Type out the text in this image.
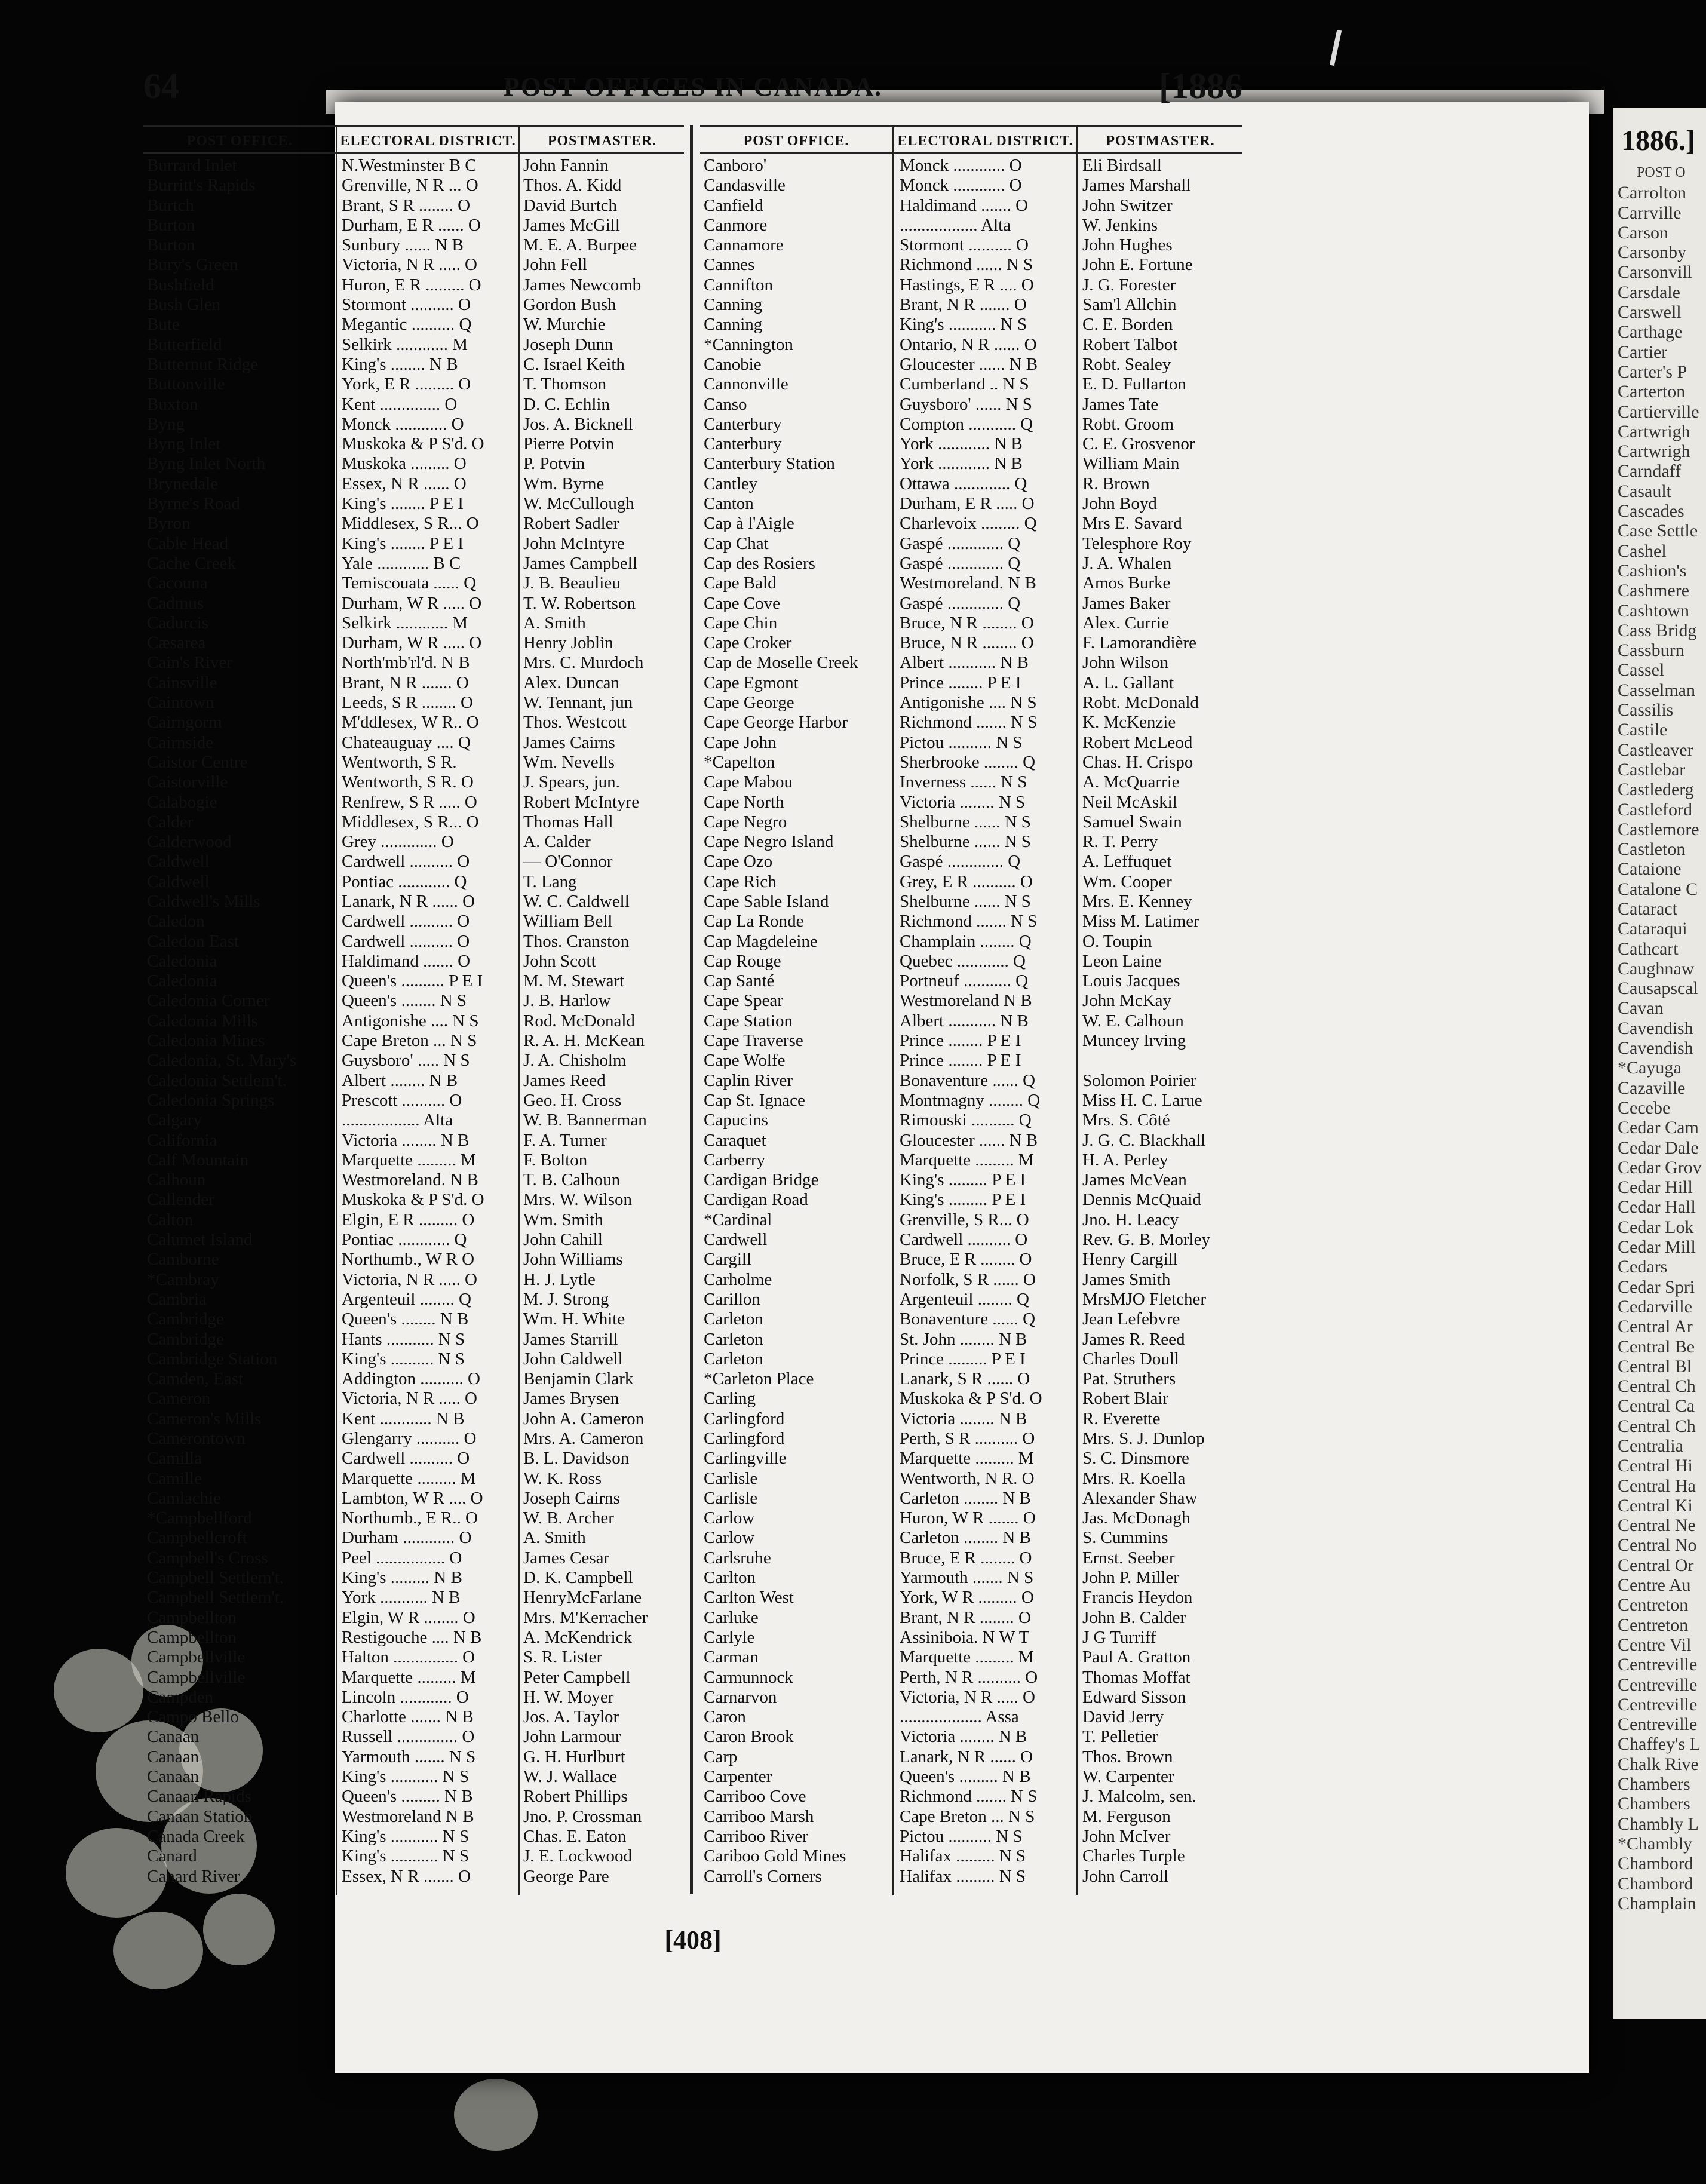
1886.]
POST O
Carrolton
Carrville
Carson
Carsonby
Carsonvill
Carsdale
Carswell
Carthage
Cartier
Carter's P
Carterton
Cartierville
Cartwrigh
Cartwrigh
Carndaff
Casault
Cascades
Case Settle
Cashel
Cashion's
Cashmere
Cashtown
Cass Bridg
Cassburn
Cassel
Casselman
Cassilis
Castile
Castleaver
Castlebar
Castlederg
Castleford
Castlemore
Castleton
Cataione
Catalone C
Cataract
Cataraqui
Cathcart
Caughnaw
Causapscal
Cavan
Cavendish
Cavendish
*Cayuga
Cazaville
Cecebe
Cedar Cam
Cedar Dale
Cedar Grov
Cedar Hill
Cedar Hall
Cedar Lok
Cedar Mill
Cedars
Cedar Spri
Cedarville
Central Ar
Central Be
Central Bl
Central Ch
Central Ca
Central Ch
Centralia
Central Hi
Central Ha
Central Ki
Central Ne
Central No
Central Or
Centre Au
Centreton
Centreton
Centre Vil
Centreville
Centreville
Centreville
Centreville
Chaffey's L
Chalk Rive
Chambers
Chambers
Chambly L
*Chambly
Chambord
Chambord
Champlain
64	POST OFFICES IN CANADA.	[1886
POST OFFICE.	ELECTORAL DISTRICT.	POSTMASTER.
Burrard Inlet	N.Westminster B C	John Fannin
Burritt's Rapids	Grenville, N R ... O	Thos. A. Kidd
Burtch	Brant, S R ........ O	David Burtch
Burton	Durham, E R ...... O	James McGill
Burton	Sunbury ...... N B	M. E. A. Burpee
Bury's Green	Victoria, N R ..... O	John Fell
Bushfield	Huron, E R ......... O	James Newcomb
Bush Glen	Stormont .......... O	Gordon Bush
Bute	Megantic .......... Q	W. Murchie
Butterfield	Selkirk ............ M	Joseph Dunn
Butternut Ridge	King's ........ N B	C. Israel Keith
Buttonville	York, E R ......... O	T. Thomson
Buxton	Kent .............. O	D. C. Echlin
Byng	Monck ............ O	Jos. A. Bicknell
Byng Inlet	Muskoka & P S'd. O	Pierre Potvin
Byng Inlet North	Muskoka ......... O	P. Potvin
Brynedale	Essex, N R ...... O	Wm. Byrne
Byrne's Road	King's ........ P E I	W. McCullough
Byron	Middlesex, S R... O	Robert Sadler
Cable Head	King's ........ P E I	John McIntyre
Cache Creek	Yale ............ B C	James Campbell
Cacouna	Temiscouata ...... Q	J. B. Beaulieu
Cadmus	Durham, W R ..... O	T. W. Robertson
Cadurcis	Selkirk ............ M	A. Smith
Cæsarea	Durham, W R ..... O	Henry Joblin
Cain's River	North'mb'rl'd. N B	Mrs. C. Murdoch
Cainsville	Brant, N R ....... O	Alex. Duncan
Caintown	Leeds, S R ........ O	W. Tennant, jun
Cairngorm	M'ddlesex, W R.. O	Thos. Westcott
Cairnside	Chateauguay .... Q	James Cairns
Caistor Centre	Wentworth, S R.	Wm. Nevells
Caistorville	Wentworth, S R. O	J. Spears, jun.
Calabogie	Renfrew, S R ..... O	Robert McIntyre
Calder	Middlesex, S R... O	Thomas Hall
Calderwood	Grey ............. O	A. Calder
Caldwell	Cardwell .......... O	— O'Connor
Caldwell	Pontiac ............ Q	T. Lang
Caldwell's Mills	Lanark, N R ...... O	W. C. Caldwell
Caledon	Cardwell .......... O	William Bell
Caledon East	Cardwell .......... O	Thos. Cranston
Caledonia	Haldimand ....... O	John Scott
Caledonia	Queen's .......... P E I	M. M. Stewart
Caledonia Corner	Queen's ........ N S	J. B. Harlow
Caledonia Mills	Antigonishe .... N S	Rod. McDonald
Caledonia Mines	Cape Breton ... N S	R. A. H. McKean
Caledonia, St. Mary's	Guysboro' ..... N S	J. A. Chisholm
Caledonia Settlem't.	Albert ........ N B	James Reed
Caledonia Springs	Prescott .......... O	Geo. H. Cross
Calgary	.................. Alta	W. B. Bannerman
California	Victoria ........ N B	F. A. Turner
Calf Mountain	Marquette ......... M	F. Bolton
Calhoun	Westmoreland. N B	T. B. Calhoun
Callender	Muskoka & P S'd. O	Mrs. W. Wilson
Calton	Elgin, E R ......... O	Wm. Smith
Calumet Island	Pontiac ............ Q	John Cahill
Camborne	Northumb., W R O	John Williams
*Cambray	Victoria, N R ..... O	H. J. Lytle
Cambria	Argenteuil ........ Q	M. J. Strong
Cambridge	Queen's ........ N B	Wm. H. White
Cambridge	Hants ........... N S	James Starrill
Cambridge Station	King's .......... N S	John Caldwell
Camden, East	Addington .......... O	Benjamin Clark
Cameron	Victoria, N R ..... O	James Brysen
Cameron's Mills	Kent ............ N B	John A. Cameron
Camerontown	Glengarry .......... O	Mrs. A. Cameron
Camilla	Cardwell .......... O	B. L. Davidson
Camille	Marquette ......... M	W. K. Ross
Camlachie	Lambton, W R .... O	Joseph Cairns
*Campbellford	Northumb., E R.. O	W. B. Archer
Campbellcroft	Durham ............ O	A. Smith
Campbell's Cross	Peel ................ O	James Cesar
Campbell Settlem't.	King's ......... N B	D. K. Campbell
Campbell Settlem't.	York ........... N B	HenryMcFarlane
Campbellton	Elgin, W R ........ O	Mrs. M'Kerracher
Campbellton	Restigouche .... N B	A. McKendrick
Campbellville	Halton ............... O	S. R. Lister
Campbellville	Marquette ......... M	Peter Campbell
Campden	Lincoln ............ O	H. W. Moyer
Campo Bello	Charlotte ....... N B	Jos. A. Taylor
Canaan	Russell .............. O	John Larmour
Canaan	Yarmouth ....... N S	G. H. Hurlburt
Canaan	King's ........... N S	W. J. Wallace
Canaan Rapids	Queen's ......... N B	Robert Phillips
Canaan Station	Westmoreland N B	Jno. P. Crossman
Canada Creek	King's ........... N S	Chas. E. Eaton
Canard	King's ........... N S	J. E. Lockwood
Canard River	Essex, N R ....... O	George Pare
POST OFFICE.	ELECTORAL DISTRICT.	POSTMASTER.
Canboro'	Monck ............ O	Eli Birdsall
Candasville	Monck ............ O	James Marshall
Canfield	Haldimand ....... O	John Switzer
Canmore	.................. Alta	W. Jenkins
Cannamore	Stormont .......... O	John Hughes
Cannes	Richmond ...... N S	John E. Fortune
Cannifton	Hastings, E R .... O	J. G. Forester
Canning	Brant, N R ....... O	Sam'l Allchin
Canning	King's ........... N S	C. E. Borden
*Cannington	Ontario, N R ...... O	Robert Talbot
Canobie	Gloucester ...... N B	Robt. Sealey
Cannonville	Cumberland .. N S	E. D. Fullarton
Canso	Guysboro' ...... N S	James Tate
Canterbury	Compton ........... Q	Robt. Groom
Canterbury	York ............ N B	C. E. Grosvenor
Canterbury Station	York ............ N B	William Main
Cantley	Ottawa ............. Q	R. Brown
Canton	Durham, E R ..... O	John Boyd
Cap à l'Aigle	Charlevoix ......... Q	Mrs E. Savard
Cap Chat	Gaspé ............. Q	Telesphore Roy
Cap des Rosiers	Gaspé ............. Q	J. A. Whalen
Cape Bald	Westmoreland. N B	Amos Burke
Cape Cove	Gaspé ............. Q	James Baker
Cape Chin	Bruce, N R ........ O	Alex. Currie
Cape Croker	Bruce, N R ........ O	F. Lamorandière
Cap de Moselle Creek	Albert ........... N B	John Wilson
Cape Egmont	Prince ........ P E I	A. L. Gallant
Cape George	Antigonishe .... N S	Robt. McDonald
Cape George Harbor	Richmond ....... N S	K. McKenzie
Cape John	Pictou .......... N S	Robert McLeod
*Capelton	Sherbrooke ........ Q	Chas. H. Crispo
Cape Mabou	Inverness ...... N S	A. McQuarrie
Cape North	Victoria ........ N S	Neil McAskil
Cape Negro	Shelburne ...... N S	Samuel Swain
Cape Negro Island	Shelburne ...... N S	R. T. Perry
Cape Ozo	Gaspé ............. Q	A. Leffuquet
Cape Rich	Grey, E R .......... O	Wm. Cooper
Cape Sable Island	Shelburne ...... N S	Mrs. E. Kenney
Cap La Ronde	Richmond ....... N S	Miss M. Latimer
Cap Magdeleine	Champlain ........ Q	O. Toupin
Cap Rouge	Quebec ............ Q	Leon Laine
Cap Santé	Portneuf ........... Q	Louis Jacques
Cape Spear	Westmoreland N B	John McKay
Cape Station	Albert ........... N B	W. E. Calhoun
Cape Traverse	Prince ........ P E I	Muncey Irving
Cape Wolfe	Prince ........ P E I
Caplin River	Bonaventure ...... Q	Solomon Poirier
Cap St. Ignace	Montmagny ........ Q	Miss H. C. Larue
Capucins	Rimouski .......... Q	Mrs. S. Côté
Caraquet	Gloucester ...... N B	J. G. C. Blackhall
Carberry	Marquette ......... M	H. A. Perley
Cardigan Bridge	King's ......... P E I	James McVean
Cardigan Road	King's ......... P E I	Dennis McQuaid
*Cardinal	Grenville, S R... O	Jno. H. Leacy
Cardwell	Cardwell .......... O	Rev. G. B. Morley
Cargill	Bruce, E R ........ O	Henry Cargill
Carholme	Norfolk, S R ...... O	James Smith
Carillon	Argenteuil ........ Q	MrsMJO Fletcher
Carleton	Bonaventure ...... Q	Jean Lefebvre
Carleton	St. John ........ N B	James R. Reed
Carleton	Prince ......... P E I	Charles Doull
*Carleton Place	Lanark, S R ...... O	Pat. Struthers
Carling	Muskoka & P S'd. O	Robert Blair
Carlingford	Victoria ........ N B	R. Everette
Carlingford	Perth, S R .......... O	Mrs. S. J. Dunlop
Carlingville	Marquette ......... M	S. C. Dinsmore
Carlisle	Wentworth, N R. O	Mrs. R. Koella
Carlisle	Carleton ........ N B	Alexander Shaw
Carlow	Huron, W R ....... O	Jas. McDonagh
Carlow	Carleton ........ N B	S. Cummins
Carlsruhe	Bruce, E R ........ O	Ernst. Seeber
Carlton	Yarmouth ....... N S	John P. Miller
Carlton West	York, W R ......... O	Francis Heydon
Carluke	Brant, N R ........ O	John B. Calder
Carlyle	Assiniboia. N W T	J G Turriff
Carman	Marquette ......... M	Paul A. Gratton
Carmunnock	Perth, N R .......... O	Thomas Moffat
Carnarvon	Victoria, N R ..... O	Edward Sisson
Caron	................... Assa	David Jerry
Caron Brook	Victoria ........ N B	T. Pelletier
Carp	Lanark, N R ...... O	Thos. Brown
Carpenter	Queen's ......... N B	W. Carpenter
Carriboo Cove	Richmond ....... N S	J. Malcolm, sen.
Carriboo Marsh	Cape Breton ... N S	M. Ferguson
Carriboo River	Pictou .......... N S	John McIver
Cariboo Gold Mines	Halifax ......... N S	Charles Turple
Carroll's Corners	Halifax ......... N S	John Carroll
[408]
